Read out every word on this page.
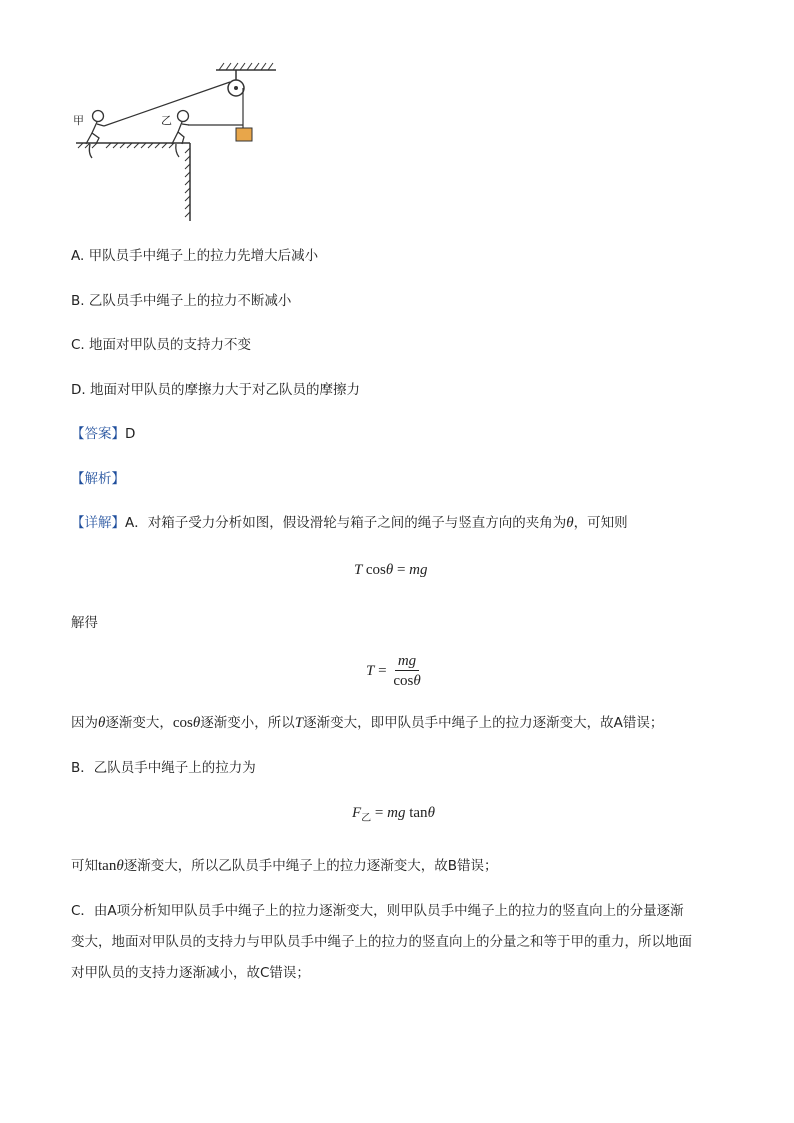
甲	乙
A. 甲队员手中绳子上的拉力先增大后减小
B. 乙队员手中绳子上的拉力不断减小
C. 地面对甲队员的支持力不变
D. 地面对甲队员的摩擦力大于对乙队员的摩擦力
【答案】D
【解析】
【详解】A．对箱子受力分析如图，假设滑轮与箱子之间的绳子与竖直方向的夹角为θ，可知则
T cosθ = mg
解得
$T = \frac{mg}{\cos\theta}$
因为θ逐渐变大，cosθ逐渐变小，所以T逐渐变大，即甲队员手中绳子上的拉力逐渐变大，故A错误；
B．乙队员手中绳子上的拉力为
$F_乙$ = mg tanθ
可知tanθ逐渐变大，所以乙队员手中绳子上的拉力逐渐变大，故B错误；
C．由A项分析知甲队员手中绳子上的拉力逐渐变大，则甲队员手中绳子上的拉力的竖直向上的分量逐渐
变大，地面对甲队员的支持力与甲队员手中绳子上的拉力的竖直向上的分量之和等于甲的重力，所以地面
对甲队员的支持力逐渐减小，故C错误；
